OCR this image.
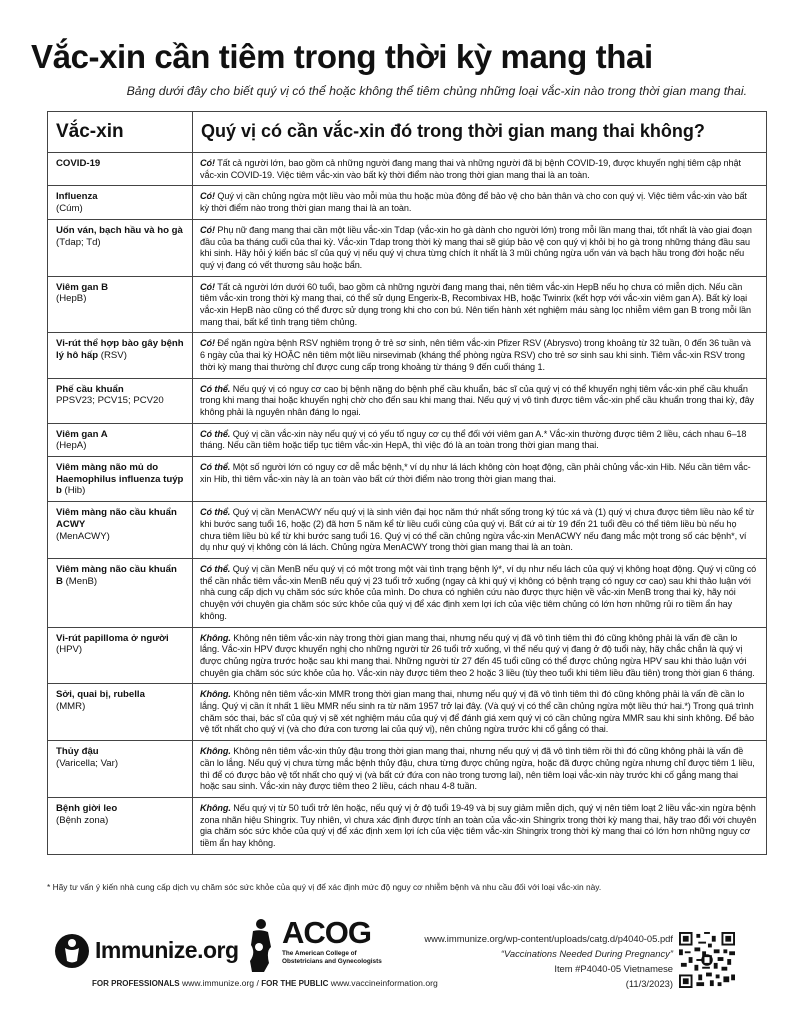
Vắc-xin cần tiêm trong thời kỳ mang thai
Bảng dưới đây cho biết quý vị có thể hoặc không thể tiêm chủng những loại vắc-xin nào trong thời gian mang thai.
Vắc-xin	Quý vị có cần vắc-xin đó trong thời gian mang thai không?
COVID-19	Có! Tất cả người lớn, bao gồm cả những người đang mang thai và những người đã bị bệnh COVID-19, được khuyến nghị tiêm cập nhật vắc-xin COVID-19. Việc tiêm vắc-xin vào bất kỳ thời điểm nào trong thời gian mang thai là an toàn.
Influenza
(Cúm)	Có! Quý vị cần chủng ngừa một liều vào mỗi mùa thu hoặc mùa đông để bảo vệ cho bản thân và cho con quý vị. Việc tiêm vắc-xin vào bất kỳ thời điểm nào trong thời gian mang thai là an toàn.
Uốn ván, bạch hầu và ho gà
(Tdap; Td)	Có! Phụ nữ đang mang thai cần một liều vắc-xin Tdap (vắc-xin ho gà dành cho người lớn) trong mỗi lần mang thai, tốt nhất là vào giai đoạn đầu của ba tháng cuối của thai kỳ. Vắc-xin Tdap trong thời kỳ mang thai sẽ giúp bảo vệ con quý vị khỏi bị ho gà trong những tháng đầu sau khi sinh. Hãy hỏi ý kiến bác sĩ của quý vị nếu quý vị chưa từng chích ít nhất là 3 mũi chủng ngừa uốn ván và bạch hầu trong đời hoặc nếu quý vị đang có vết thương sâu hoặc bẩn.
Viêm gan B
(HepB)	Có! Tất cả người lớn dưới 60 tuổi, bao gồm cả những người đang mang thai, nên tiêm vắc-xin HepB nếu họ chưa có miễn dịch. Nếu cần tiêm vắc-xin trong thời kỳ mang thai, có thể sử dụng Engerix-B, Recombivax HB, hoặc Twinrix (kết hợp với vắc-xin viêm gan A). Bất kỳ loại vắc-xin HepB nào cũng có thể được sử dụng trong khi cho con bú. Nên tiến hành xét nghiệm máu sàng lọc nhiễm viêm gan B trong mỗi lần mang thai, bất kể tình trạng tiêm chủng.
Vi-rút thể hợp bào gây bệnh lý hô hấp (RSV)	Có! Để ngăn ngừa bệnh RSV nghiêm trọng ở trẻ sơ sinh, nên tiêm vắc-xin Pfizer RSV (Abrysvo) trong khoảng từ 32 tuần, 0 đến 36 tuần và 6 ngày của thai kỳ HOẶC nên tiêm một liều nirsevimab (kháng thể phòng ngừa RSV) cho trẻ sơ sinh sau khi sinh. Tiêm vắc-xin RSV trong thời kỳ mang thai thường chỉ được cung cấp trong khoảng từ tháng 9 đến cuối tháng 1.
Phế cầu khuẩn
PPSV23; PCV15; PCV20	Có thể. Nếu quý vị có nguy cơ cao bị bệnh nặng do bệnh phế cầu khuẩn, bác sĩ của quý vị có thể khuyến nghị tiêm vắc-xin phế cầu khuẩn trong khi mang thai hoặc khuyến nghị chờ cho đến sau khi mang thai. Nếu quý vị vô tình được tiêm vắc-xin phế cầu khuẩn trong thai kỳ, đây không phải là nguyên nhân đáng lo ngại.
Viêm gan A
(HepA)	Có thể. Quý vị cần vắc-xin này nếu quý vị có yếu tố nguy cơ cụ thể đối với viêm gan A.* Vắc-xin thường được tiêm 2 liều, cách nhau 6–18 tháng. Nếu cần tiêm hoặc tiếp tục tiêm vắc-xin HepA, thì việc đó là an toàn trong thời gian mang thai.
Viêm màng não mủ do Haemophilus influenza tuýp b (Hib)	Có thể. Một số người lớn có nguy cơ dễ mắc bệnh,* ví dụ như lá lách không còn hoạt động, cần phải chủng vắc-xin Hib. Nếu cần tiêm vắc-xin Hib, thì tiêm vắc-xin này là an toàn vào bất cứ thời điểm nào trong thời gian mang thai.
Viêm màng não cầu khuẩn ACWY
(MenACWY)	Có thể. Quý vị cần MenACWY nếu quý vị là sinh viên đại học năm thứ nhất sống trong ký túc xá và (1) quý vị chưa được tiêm liều nào kể từ khi bước sang tuổi 16, hoặc (2) đã hơn 5 năm kể từ liều cuối cùng của quý vị. Bất cứ ai từ 19 đến 21 tuổi đều có thể tiêm liều bù nếu họ chưa tiêm liều bù kể từ khi bước sang tuổi 16. Quý vị có thể cần chủng ngừa vắc-xin MenACWY nếu đang mắc một trong số các bệnh*, ví dụ như quý vị không còn lá lách. Chủng ngừa MenACWY trong thời gian mang thai là an toàn.
Viêm màng não cầu khuẩn B (MenB)	Có thể. Quý vị cần MenB nếu quý vị có một trong một vài tình trạng bệnh lý*, ví dụ như nếu lách của quý vị không hoạt động. Quý vị cũng có thể cần nhắc tiêm vắc-xin MenB nếu quý vị 23 tuổi trở xuống (ngay cả khi quý vị không có bệnh trạng có nguy cơ cao) sau khi thảo luận với nhà cung cấp dịch vụ chăm sóc sức khỏe của mình. Do chưa có nghiên cứu nào được thực hiện về vắc-xin MenB trong thai kỳ, hãy nói chuyện với chuyên gia chăm sóc sức khỏe của quý vị để xác định xem lợi ích của việc tiêm chủng có lớn hơn những rủi ro tiềm ẩn hay không.
Vi-rút papilloma ở người
(HPV)	Không. Không nên tiêm vắc-xin này trong thời gian mang thai, nhưng nếu quý vị đã vô tình tiêm thì đó cũng không phải là vấn đề cần lo lắng. Vắc-xin HPV được khuyến nghị cho những người từ 26 tuổi trở xuống, vì thế nếu quý vị đang ở độ tuổi này, hãy chắc chắn là quý vị được chủng ngừa trước hoặc sau khi mang thai. Những người từ 27 đến 45 tuổi cũng có thể được chủng ngừa HPV sau khi thảo luận với chuyên gia chăm sóc sức khỏe của họ. Vắc-xin này được tiêm theo 2 hoặc 3 liều (tùy theo tuổi khi tiêm liều đầu tiên) trong thời gian 6 tháng.
Sởi, quai bị, rubella
(MMR)	Không. Không nên tiêm vắc-xin MMR trong thời gian mang thai, nhưng nếu quý vị đã vô tình tiêm thì đó cũng không phải là vấn đề cần lo lắng. Quý vị cần ít nhất 1 liều MMR nếu sinh ra từ năm 1957 trở lại đây. (Và quý vị có thể cần chủng ngừa một liều thứ hai.*) Trong quá trình chăm sóc thai, bác sĩ của quý vị sẽ xét nghiệm máu của quý vị để đánh giá xem quý vị có cần chủng ngừa MMR sau khi sinh không. Để bảo vệ tốt nhất cho quý vị (và cho đứa con tương lai của quý vị), nên chủng ngừa trước khi cố gắng có thai.
Thủy đậu
(Varicella; Var)	Không. Không nên tiêm vắc-xin thủy đậu trong thời gian mang thai, nhưng nếu quý vị đã vô tình tiêm rồi thì đó cũng không phải là vấn đề cần lo lắng. Nếu quý vị chưa từng mắc bệnh thủy đậu, chưa từng được chủng ngừa, hoặc đã được chủng ngừa nhưng chỉ được tiêm 1 liều, thì để có được bảo vệ tốt nhất cho quý vị (và bất cứ đứa con nào trong tương lai), nên tiêm loại vắc-xin này trước khi cố gắng mang thai hoặc sau sinh. Vắc-xin này được tiêm theo 2 liều, cách nhau 4-8 tuần.
Bệnh giời leo
(Bệnh zona)	Không. Nếu quý vị từ 50 tuổi trở lên hoặc, nếu quý vị ở độ tuổi 19-49 và bị suy giảm miễn dịch, quý vị nên tiêm loạt 2 liều vắc-xin ngừa bệnh zona nhãn hiệu Shingrix. Tuy nhiên, vì chưa xác định được tính an toàn của vắc-xin Shingrix trong thời kỳ mang thai, hãy trao đổi với chuyên gia chăm sóc sức khỏe của quý vị để xác định xem lợi ích của việc tiêm vắc-xin Shingrix trong thời kỳ mang thai có lớn hơn những nguy cơ tiềm ẩn hay không.
* Hãy tư vấn ý kiến nhà cung cấp dịch vụ chăm sóc sức khỏe của quý vị để xác định mức độ nguy cơ nhiễm bệnh và nhu cầu đối với loại vắc-xin này.
Immunize.org ACOG
The American College of
Obstetricians and Gynecologists
FOR PROFESSIONALS www.immunize.org / FOR THE PUBLIC www.vaccineinformation.org
www.immunize.org/wp-content/uploads/catg.d/p4040-05.pdf
“Vaccinations Needed During Pregnancy”
Item #P4040-05 Vietnamese
(11/3/2023)
